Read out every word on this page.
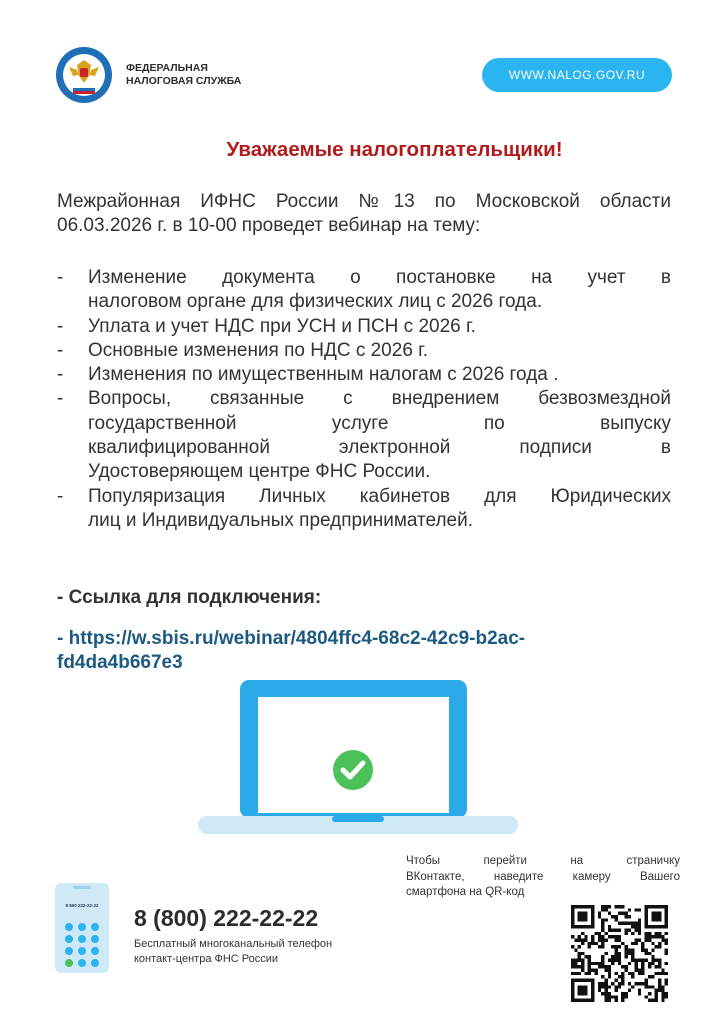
ФЕДЕРАЛЬНАЯ
НАЛОГОВАЯ СЛУЖБА	WWW.NALOG.GOV.RU
Уважаемые налогоплательщики!
Межрайонная ИФНС России №13 по Московской области
06.03.2026 г. в 10-00 проведет вебинар на тему:
- Изменение документа о постановке на учет в
налоговом органе для физических лиц с 2026 года.
- Уплата и учет НДС при УСН и ПСН с 2026 г.
- Основные изменения по НДС с 2026 г.
- Изменения по имущественным налогам с 2026 года .
- Вопросы, связанные с внедрением безвозмездной
государственной услуге по выпуску
квалифицированной электронной подписи в
Удостоверяющем центре ФНС России.
- Популяризация Личных кабинетов для Юридических
лиц и Индивидуальных предпринимателей.
- Ссылка для подключения:
- https://w.sbis.ru/webinar/4804ffc4-68c2-42c9-b2ac-
fd4da4b667e3
8 800 222-22-22 8 (800) 222-22-22
Бесплатный многоканальный телефон
контакт-центра ФНС России
Чтобы перейти на страничку
ВКонтакте, наведите камеру Вашего
смартфона на QR-код
